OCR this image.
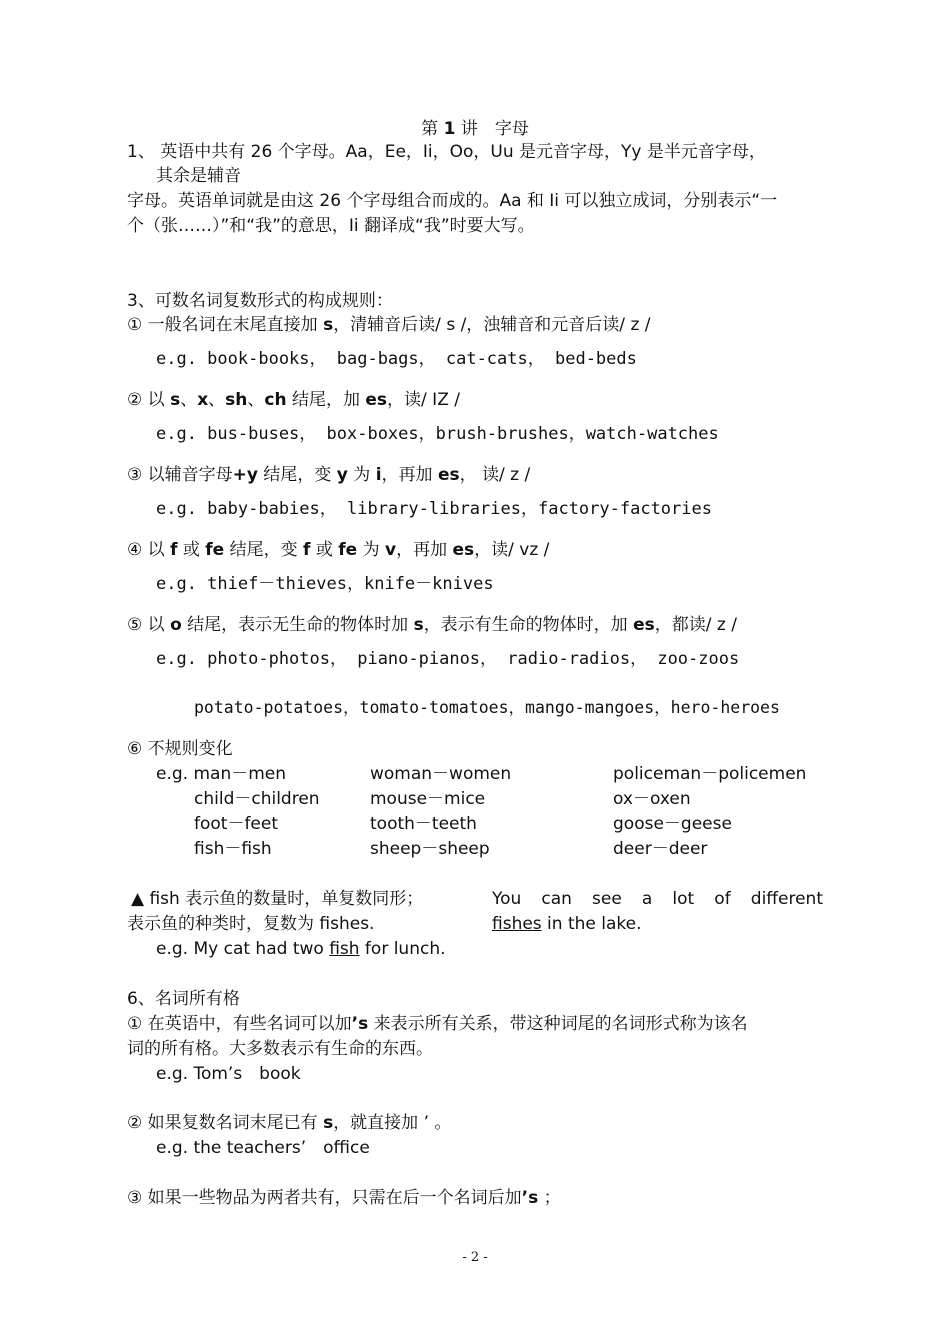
第 1 讲　字母
1、 英语中共有 26 个字母。Aa，Ee，Ii，Oo，Uu 是元音字母，Yy 是半元音字母，
其余是辅音
字母。英语单词就是由这 26 个字母组合而成的。Aa 和 Ii 可以独立成词，分别表示“一
个（张……）”和“我”的意思，Ii 翻译成“我”时要大写。
3、可数名词复数形式的构成规则：
① 一般名词在末尾直接加 s，清辅音后读/ s /，浊辅音和元音后读/ z /
e.g. book-books， bag-bags， cat-cats， bed-beds
② 以 s、x、sh、ch 结尾，加 es，读/ IZ /
e.g. bus-buses， box-boxes，brush-brushes，watch-watches
③ 以辅音字母+y 结尾，变 y 为 i，再加 es， 读/ z /
e.g. baby-babies， library-libraries，factory-factories
④ 以 f 或 fe 结尾，变 f 或 fe 为 v，再加 es，读/ vz /
e.g. thief－thieves，knife－knives
⑤ 以 o 结尾，表示无生命的物体时加 s，表示有生命的物体时，加 es，都读/ z /
e.g. photo-photos， piano-pianos， radio-radios， zoo-zoos
potato-potatoes，tomato-tomatoes，mango-mangoes，hero-heroes
⑥ 不规则变化
e.g. man－men	woman－women	policeman－policemen
child－children	mouse－mice	ox－oxen
foot－feet	tooth－teeth	goose－geese
fish－fish	sheep－sheep	deer－deer
▲ fish 表示鱼的数量时，单复数同形；
表示鱼的种类时，复数为 fishes.
e.g. My cat had two fish for lunch.
You can see a lot of different
fishes in the lake.
6、名词所有格
① 在英语中，有些名词可以加’s 来表示所有关系，带这种词尾的名词形式称为该名
词的所有格。大多数表示有生命的东西。
e.g. Tom’s　book
② 如果复数名词末尾已有 s，就直接加 ’ 。
e.g. the teachers’　office
③ 如果一些物品为两者共有，只需在后一个名词后加’s ；
- 2 -
